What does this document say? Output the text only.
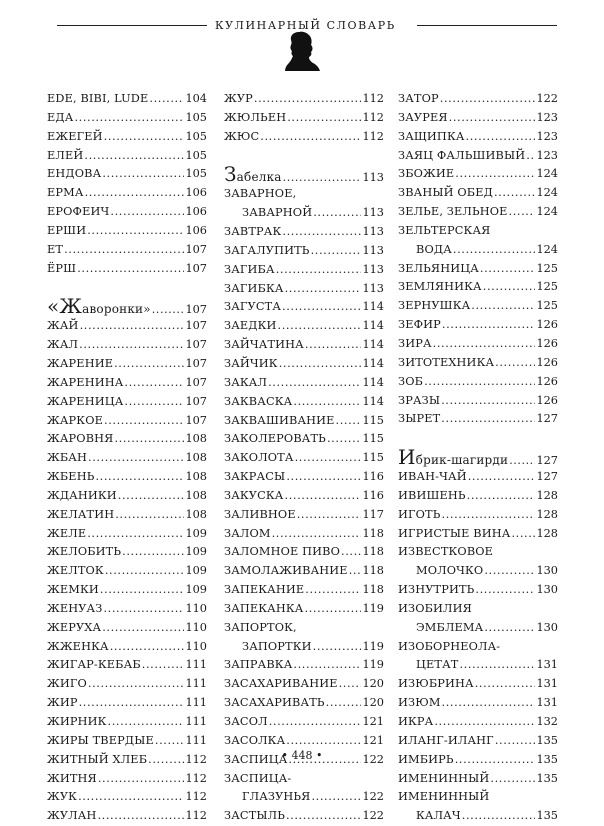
КУЛИНАРНЫЙ СЛОВАРЬ
EDE, BIBI, LUDE .....	104
ЕДА .....	105
ЕЖЕГЕЙ .....	105
ЕЛЕЙ .....	105
ЕНДОВА .....	105
ЕРМА .....	106
ЕРОФЕИЧ .....	106
ЕРШИ .....	106
ЕТ .....	107
ЁРШ .....	107
«Жаворонки» .....	107
ЖАЙ .....	107
ЖАЛ .....	107
ЖАРЕНИЕ .....	107
ЖАРЕНИНА .....	107
ЖАРЕНИЦА .....	107
ЖАРКОЕ .....	107
ЖАРОВНЯ .....	108
ЖБАН .....	108
ЖБЕНЬ .....	108
ЖДАНИКИ .....	108
ЖЕЛАТИН .....	108
ЖЕЛЕ .....	109
ЖЕЛОБИТЬ .....	109
ЖЕЛТОК .....	109
ЖЕМКИ .....	109
ЖЕНУАЗ .....	110
ЖЕРУХА .....	110
ЖЖЕНКА .....	110
ЖИГАР-КЕБАБ .....	111
ЖИГО .....	111
ЖИР .....	111
ЖИРНИК .....	111
ЖИРЫ ТВЕРДЫЕ .....	111
ЖИТНЫЙ ХЛЕБ .....	112
ЖИТНЯ .....	112
ЖУК .....	112
ЖУЛАН .....	112
ЖУР .....	112
ЖЮЛЬЕН .....	112
ЖЮС .....	112
Забелка .....	113
ЗАВАРНОЕ,
ЗАВАРНОЙ .....	113
ЗАВТРАК .....	113
ЗАГАЛУПИТЬ .....	113
ЗАГИБА .....	113
ЗАГИБКА .....	113
ЗАГУСТА .....	114
ЗАЕДКИ .....	114
ЗАЙЧАТИНА .....	114
ЗАЙЧИК .....	114
ЗАКАЛ .....	114
ЗАКВАСКА .....	114
ЗАКВАШИВАНИЕ ..... 115
ЗАКОЛЕРОВАТЬ .....	115
ЗАКОЛОТА .....	115
ЗАКРАСЫ .....	116
ЗАКУСКА .....	116
ЗАЛИВНОЕ .....	117
ЗАЛОМ .....	118
ЗАЛОМНОЕ ПИВО ..... 118
ЗАМОЛАЖИВАНИЕ ..... 118
ЗАПЕКАНИЕ .....	118
ЗАПЕКАНКА .....	119
ЗАПОРТОК,
ЗАПОРТКИ .....	119
ЗАПРАВКА .....	119
ЗАСАХАРИВАНИЕ ..... 120
ЗАСАХАРИВАТЬ .....	120
ЗАСОЛ .....	121
ЗАСОЛКА .....	121
ЗАСПИЦА .....	122
ЗАСПИЦА-
ГЛАЗУНЬЯ .....	122
ЗАСТЫЛЬ .....	122
ЗАТОР .....	122
ЗАУРЕЯ .....	123
ЗАЩИПКА .....	123
ЗАЯЦ ФАЛЬШИВЫЙ ..... 123
ЗБОЖИЕ .....	124
ЗВАНЫЙ ОБЕД .....	124
ЗЕЛЬЕ, ЗЕЛЬНОЕ .....	124
ЗЕЛЬТЕРСКАЯ
ВОДА .....	124
ЗЕЛЬЯНИЦА .....	125
ЗЕМЛЯНИКА .....	125
ЗЕРНУШКА .....	125
ЗЕФИР .....	126
ЗИРА .....	126
ЗИТОТЕХНИКА .....	126
ЗОБ .....	126
ЗРАЗЫ .....	126
ЗЫРЕТ .....	127
Ибрик-шагирди .....	127
ИВАН-ЧАЙ .....	127
ИВИШЕНЬ .....	128
ИГОТЬ .....	128
ИГРИСТЫЕ ВИНА ..... 128
ИЗВЕСТКОВОЕ
МОЛОЧКО .....	130
ИЗНУТРИТЬ .....	130
ИЗОБИЛИЯ
ЭМБЛЕМА .....	130
ИЗОБОРНЕОЛА-
ЦЕТАТ .....	131
ИЗЮБРИНА .....	131
ИЗЮМ .....	131
ИКРА .....	132
ИЛАНГ-ИЛАНГ .....	135
ИМБИРЬ .....	135
ИМЕНИННЫЙ .....	135
ИМЕНИННЫЙ
КАЛАЧ .....	135
• 448 •
